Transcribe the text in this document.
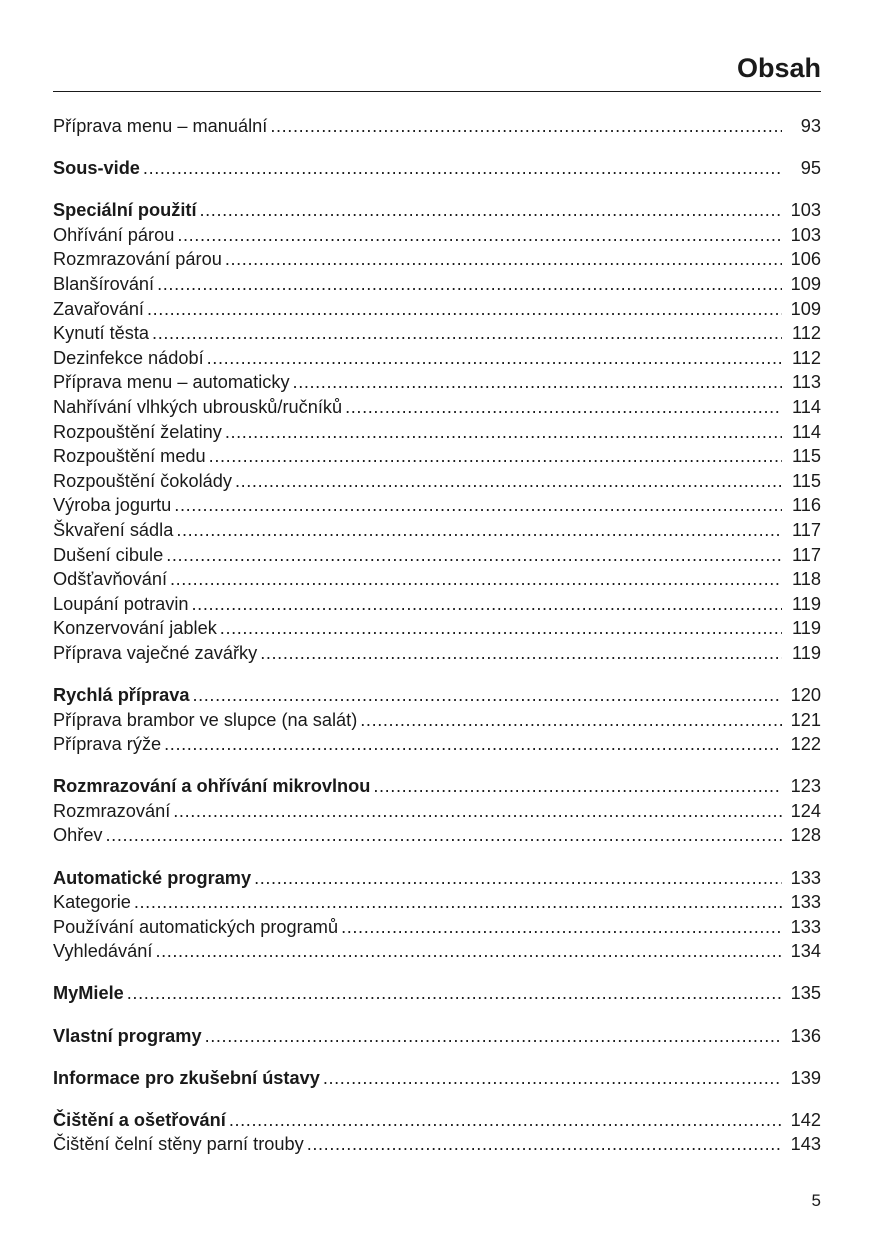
Obsah
Příprava menu – manuální .....	93
Sous-vide .....	95
Speciální použití .....	103
Ohřívání párou .....	103
Rozmrazování párou .....	106
Blanšírování .....	109
Zavařování .....	109
Kynutí těsta .....	112
Dezinfekce nádobí .....	112
Příprava menu – automaticky .....	113
Nahřívání vlhkých ubrousků/ručníků .....	114
Rozpouštění želatiny .....	114
Rozpouštění medu .....	115
Rozpouštění čokolády .....	115
Výroba jogurtu .....	116
Škvaření sádla .....	117
Dušení cibule .....	117
Odšťavňování .....	118
Loupání potravin .....	119
Konzervování jablek .....	119
Příprava vaječné zavářky .....	119
Rychlá příprava .....	120
Příprava brambor ve slupce (na salát) .....	121
Příprava rýže .....	122
Rozmrazování a ohřívání mikrovlnou .....	123
Rozmrazování .....	124
Ohřev .....	128
Automatické programy .....	133
Kategorie .....	133
Používání automatických programů .....	133
Vyhledávání .....	134
MyMiele .....	135
Vlastní programy .....	136
Informace pro zkušební ústavy .....	139
Čištění a ošetřování .....	142
Čištění čelní stěny parní trouby .....	143
5
